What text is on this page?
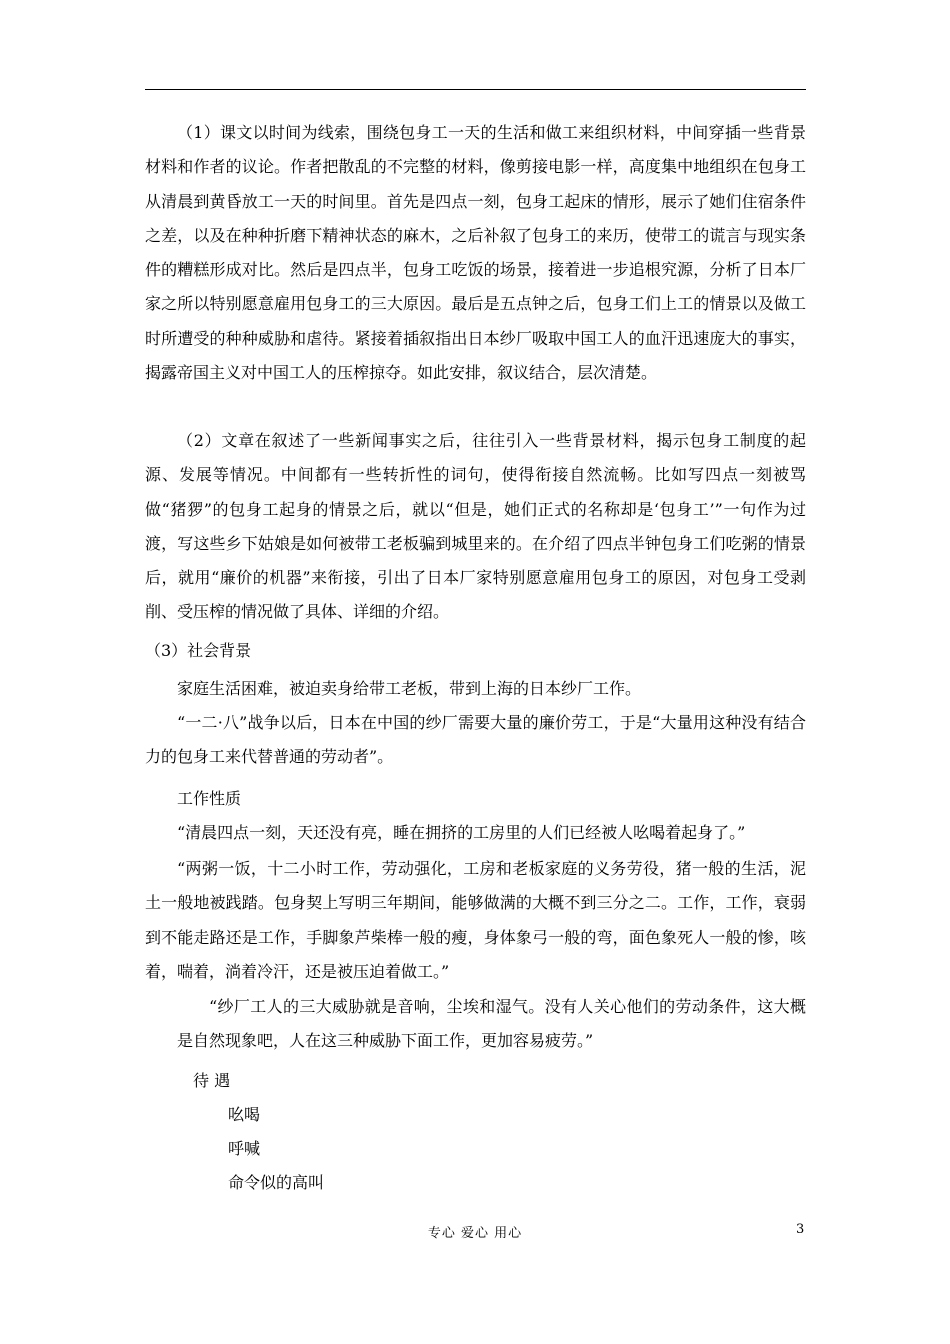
（1）课文以时间为线索，围绕包身工一天的生活和做工来组织材料，中间穿插一些背景材料和作者的议论。作者把散乱的不完整的材料，像剪接电影一样，高度集中地组织在包身工从清晨到黄昏放工一天的时间里。首先是四点一刻，包身工起床的情形，展示了她们住宿条件之差，以及在种种折磨下精神状态的麻木，之后补叙了包身工的来历，使带工的谎言与现实条件的糟糕形成对比。然后是四点半，包身工吃饭的场景，接着进一步追根究源，分析了日本厂家之所以特别愿意雇用包身工的三大原因。最后是五点钟之后，包身工们上工的情景以及做工时所遭受的种种威胁和虐待。紧接着插叙指出日本纱厂吸取中国工人的血汗迅速庞大的事实，揭露帝国主义对中国工人的压榨掠夺。如此安排，叙议结合，层次清楚。

（2）文章在叙述了一些新闻事实之后，往往引入一些背景材料，揭示包身工制度的起源、发展等情况。中间都有一些转折性的词句，使得衔接自然流畅。比如写四点一刻被骂做“猪猡”的包身工起身的情景之后，就以“但是，她们正式的名称却是‘包身工’”一句作为过渡，写这些乡下姑娘是如何被带工老板骗到城里来的。在介绍了四点半钟包身工们吃粥的情景后，就用“廉价的机器”来衔接，引出了日本厂家特别愿意雇用包身工的原因，对包身工受剥削、受压榨的情况做了具体、详细的介绍。

（3）社会背景
家庭生活困难，被迫卖身给带工老板，带到上海的日本纱厂工作。

“一二·八”战争以后，日本在中国的纱厂需要大量的廉价劳工，于是“大量用这种没有结合力的包身工来代替普通的劳动者”。

工作性质
“清晨四点一刻，天还没有亮，睡在拥挤的工房里的人们已经被人吆喝着起身了。”

“两粥一饭，十二小时工作，劳动强化，工房和老板家庭的义务劳役，猪一般的生活，泥土一般地被践踏。包身契上写明三年期间，能够做满的大概不到三分之二。工作，工作，衰弱到不能走路还是工作，手脚象芦柴棒一般的瘦，身体象弓一般的弯，面色象死人一般的惨，咳着，喘着，淌着冷汗，还是被压迫着做工。”

“纱厂工人的三大威胁就是音响，尘埃和湿气。没有人关心他们的劳动条件，这大概是自然现象吧，人在这三种威胁下面工作，更加容易疲劳。”

待 遇
吆喝
呼喊
命令似的高叫
专心 爱心 用心	3
